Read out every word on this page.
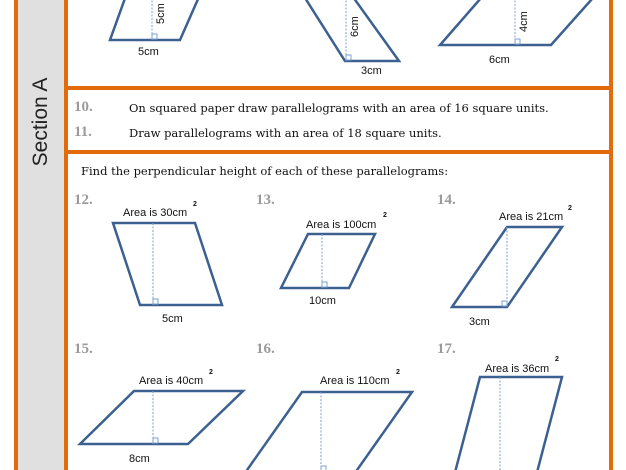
Section A
5cm
5cm
3cm
6cm
6cm
4cm
10.	On squared paper draw parallelograms with an area of 16 square units.
11.	Draw parallelograms with an area of 18 square units.
Find the perpendicular height of each of these parallelograms:
12.	13.	14.
15.	16.	17.
Area is 30cm
2
Area is 100cm
2	Area is 21cm
2
Area is 40cm
2
Area is 110cm
2	Area is 36cm
2
5cm
10cm
3cm
8cm
